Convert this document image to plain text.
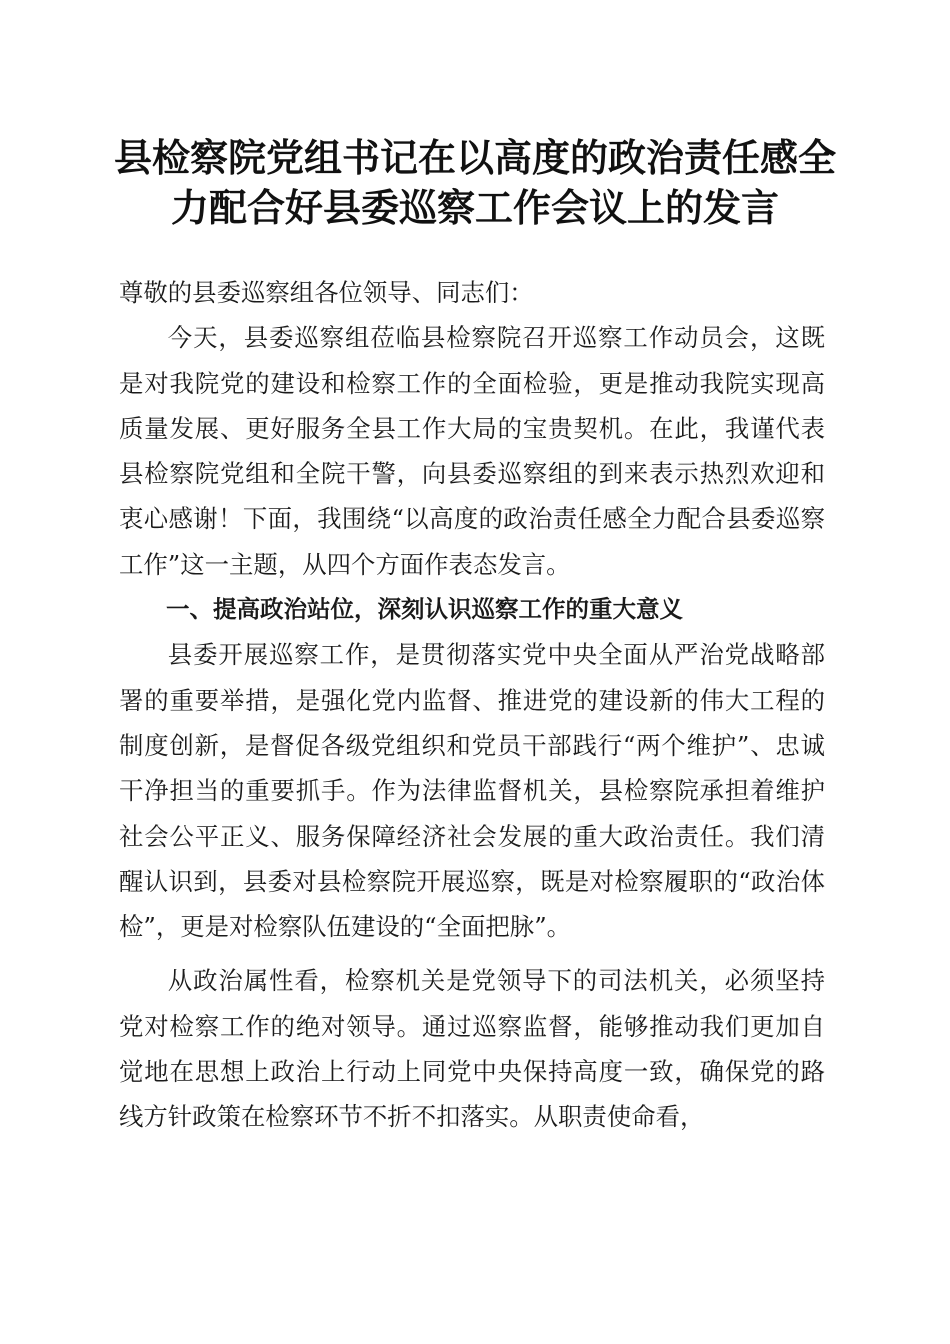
县检察院党组书记在以高度的政治责任感全力配合好县委巡察工作会议上的发言

尊敬的县委巡察组各位领导、同志们：

今天，县委巡察组莅临县检察院召开巡察工作动员会，这既是对我院党的建设和检察工作的全面检验，更是推动我院实现高质量发展、更好服务全县工作大局的宝贵契机。在此，我谨代表县检察院党组和全院干警，向县委巡察组的到来表示热烈欢迎和衷心感谢！下面，我围绕“以高度的政治责任感全力配合县委巡察工作”这一主题，从四个方面作表态发言。

一、提高政治站位，深刻认识巡察工作的重大意义

县委开展巡察工作，是贯彻落实党中央全面从严治党战略部署的重要举措，是强化党内监督、推进党的建设新的伟大工程的制度创新，是督促各级党组织和党员干部践行“两个维护”、忠诚干净担当的重要抓手。作为法律监督机关，县检察院承担着维护社会公平正义、服务保障经济社会发展的重大政治责任。我们清醒认识到，县委对县检察院开展巡察，既是对检察履职的“政治体检”，更是对检察队伍建设的“全面把脉”。

从政治属性看，检察机关是党领导下的司法机关，必须坚持党对检察工作的绝对领导。通过巡察监督，能够推动我们更加自觉地在思想上政治上行动上同党中央保持高度一致，确保党的路线方针政策在检察环节不折不扣落实。从职责使命看，
